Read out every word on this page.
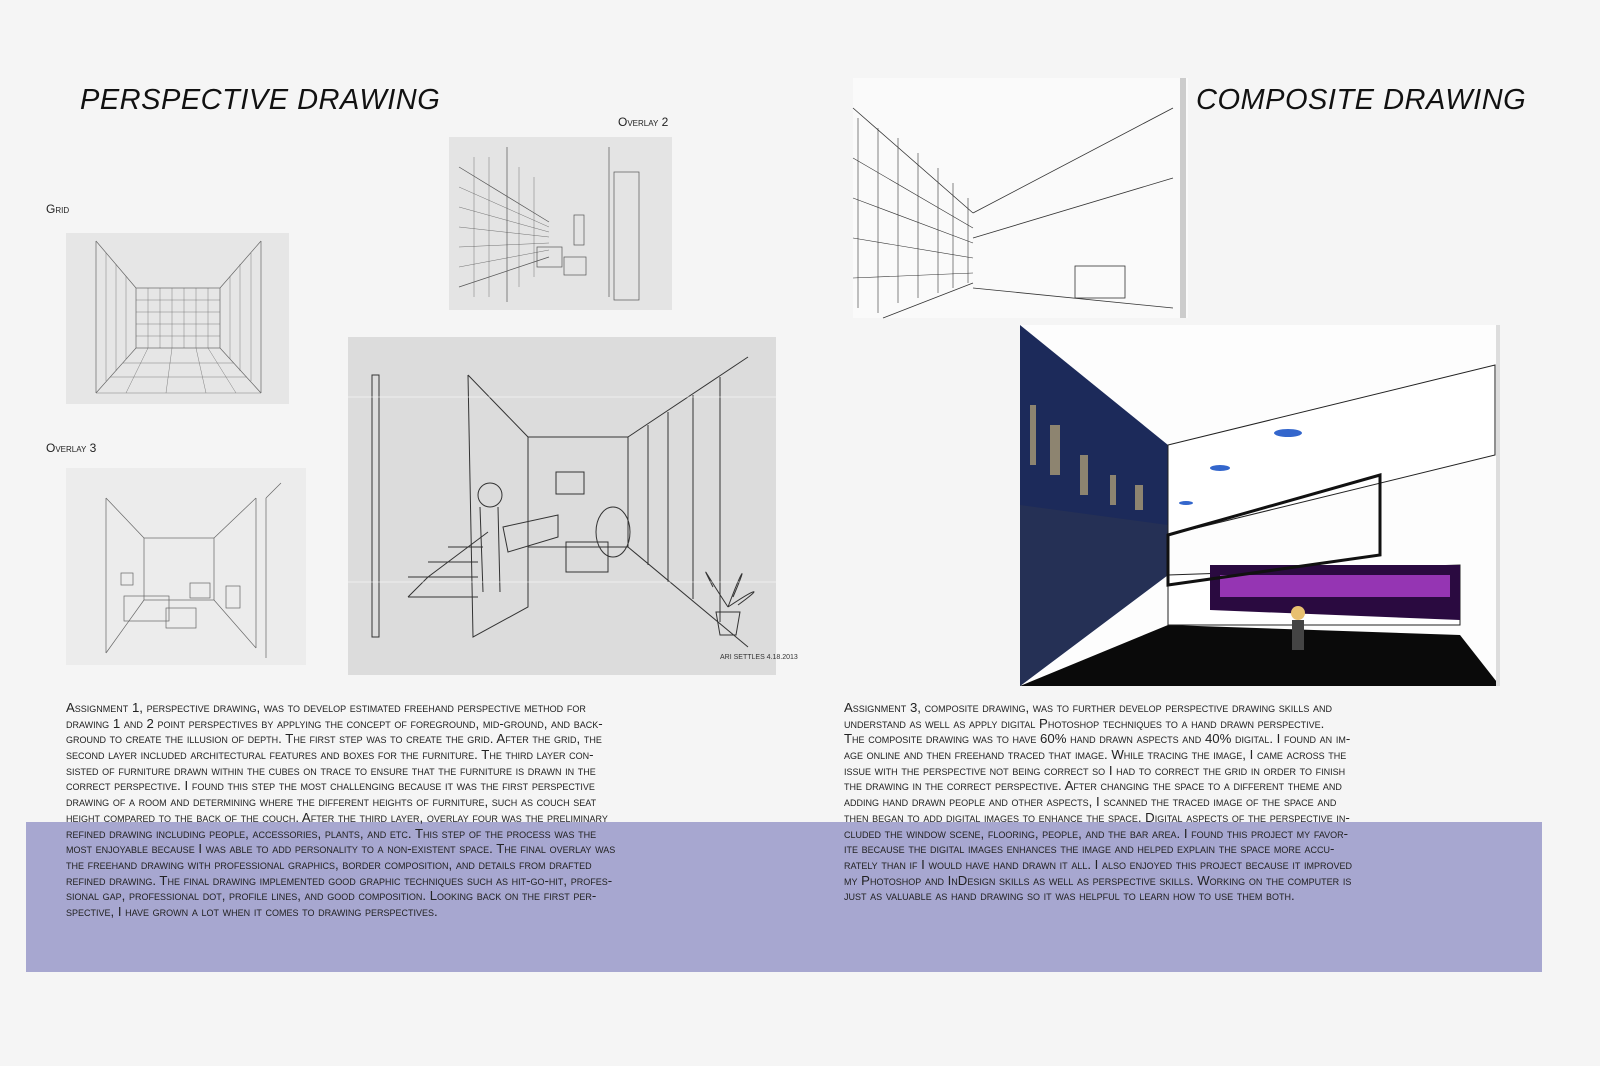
PERSPECTIVE DRAWING	COMPOSITE DRAWING
Grid
Overlay 2
Overlay 3
ARI SETTLES 4.18.2013
Assignment 1, perspective drawing, was to develop estimated freehand perspective method for
drawing 1 and 2 point perspectives by applying the concept of foreground, mid-ground, and back-
ground to create the illusion of depth. The first step was to create the grid. After the grid, the
second layer included architectural features and boxes for the furniture. The third layer con-
sisted of furniture drawn within the cubes on trace to ensure that the furniture is drawn in the
correct perspective. I found this step the most challenging because it was the first perspective
drawing of a room and determining where the different heights of furniture, such as couch seat
height compared to the back of the couch. After the third layer, overlay four was the preliminary
refined drawing including people, accessories, plants, and etc. This step of the process was the
most enjoyable because I was able to add personality to a non-existent space. The final overlay was
the freehand drawing with professional graphics, border composition, and details from drafted
refined drawing. The final drawing implemented good graphic techniques such as hit-go-hit, profes-
sional gap, professional dot, profile lines, and good composition. Looking back on the first per-
spective, I have grown a lot when it comes to drawing perspectives.
Assignment 3, composite drawing, was to further develop perspective drawing skills and
understand as well as apply digital Photoshop techniques to a hand drawn perspective.
The composite drawing was to have 60% hand drawn aspects and 40% digital. I found an im-
age online and then freehand traced that image. While tracing the image, I came across the
issue with the perspective not being correct so I had to correct the grid in order to finish
the drawing in the correct perspective. After changing the space to a different theme and
adding hand drawn people and other aspects, I scanned the traced image of the space and
then began to add digital images to enhance the space. Digital aspects of the perspective in-
cluded the window scene, flooring, people, and the bar area. I found this project my favor-
ite because the digital images enhances the image and helped explain the space more accu-
rately than if I would have hand drawn it all. I also enjoyed this project because it improved
my Photoshop and InDesign skills as well as perspective skills. Working on the computer is
just as valuable as hand drawing so it was helpful to learn how to use them both.
